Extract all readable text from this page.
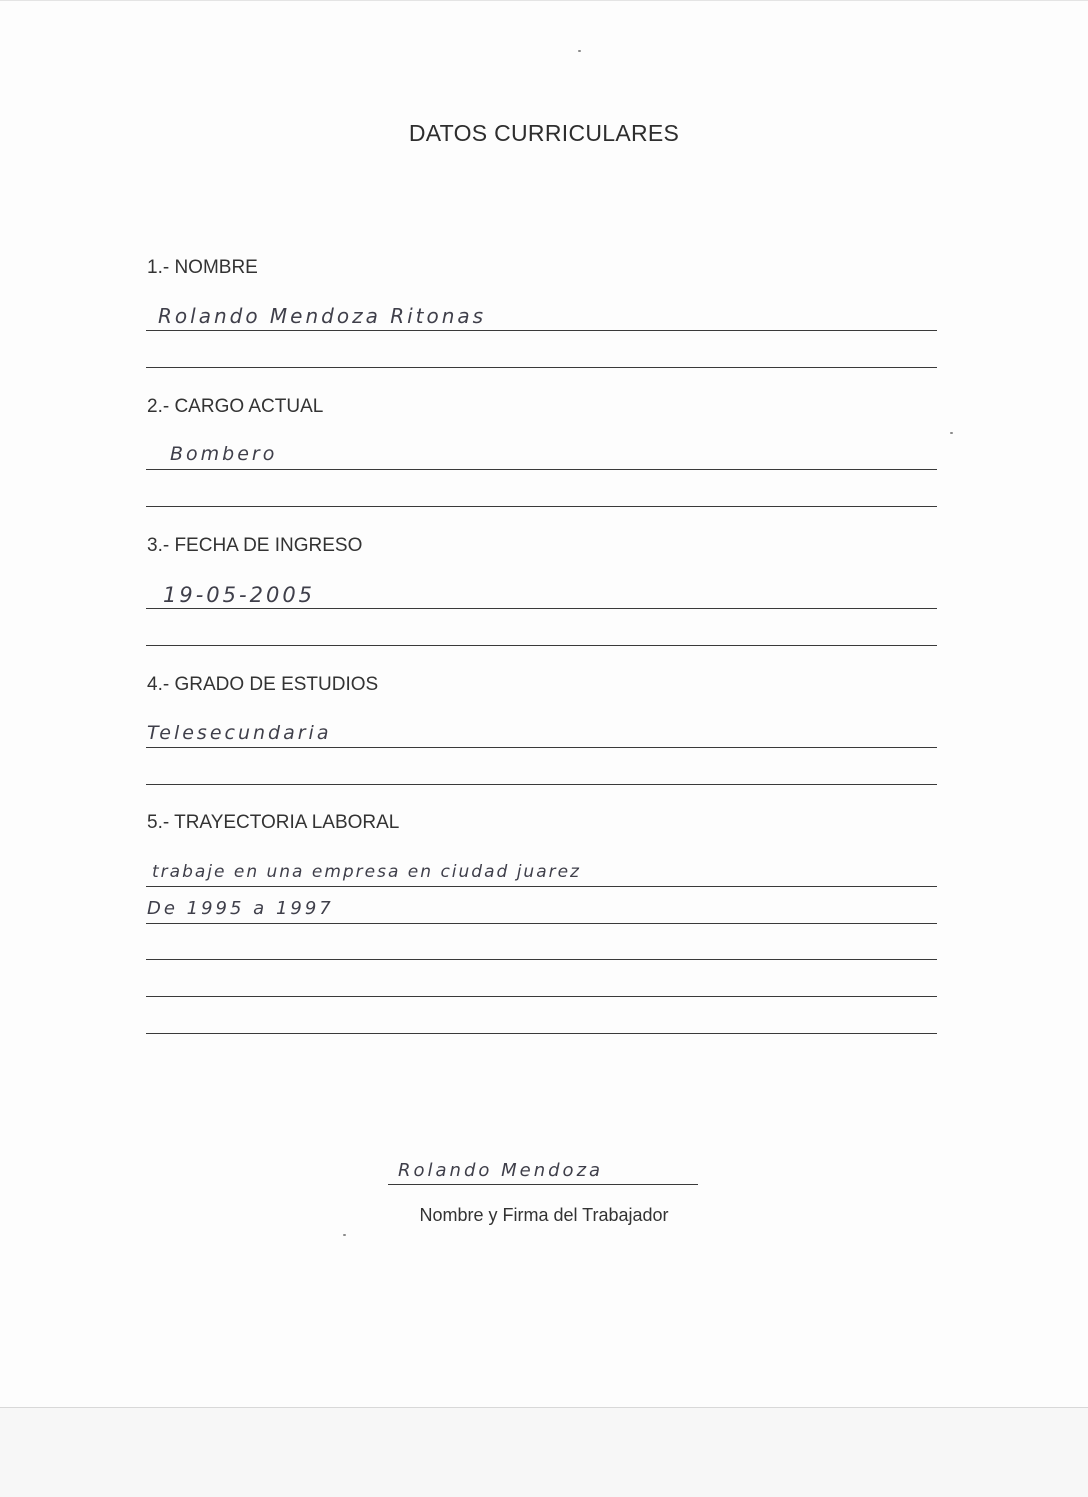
DATOS CURRICULARES
1.- NOMBRE
Rolando Mendoza Ritonas
2.- CARGO ACTUAL
Bombero
3.- FECHA DE INGRESO
19-05-2005
4.- GRADO DE ESTUDIOS
Telesecundaria
5.- TRAYECTORIA LABORAL
trabaje en una empresa en ciudad juarez
De 1995 a 1997
Rolando Mendoza
Nombre y Firma del Trabajador
